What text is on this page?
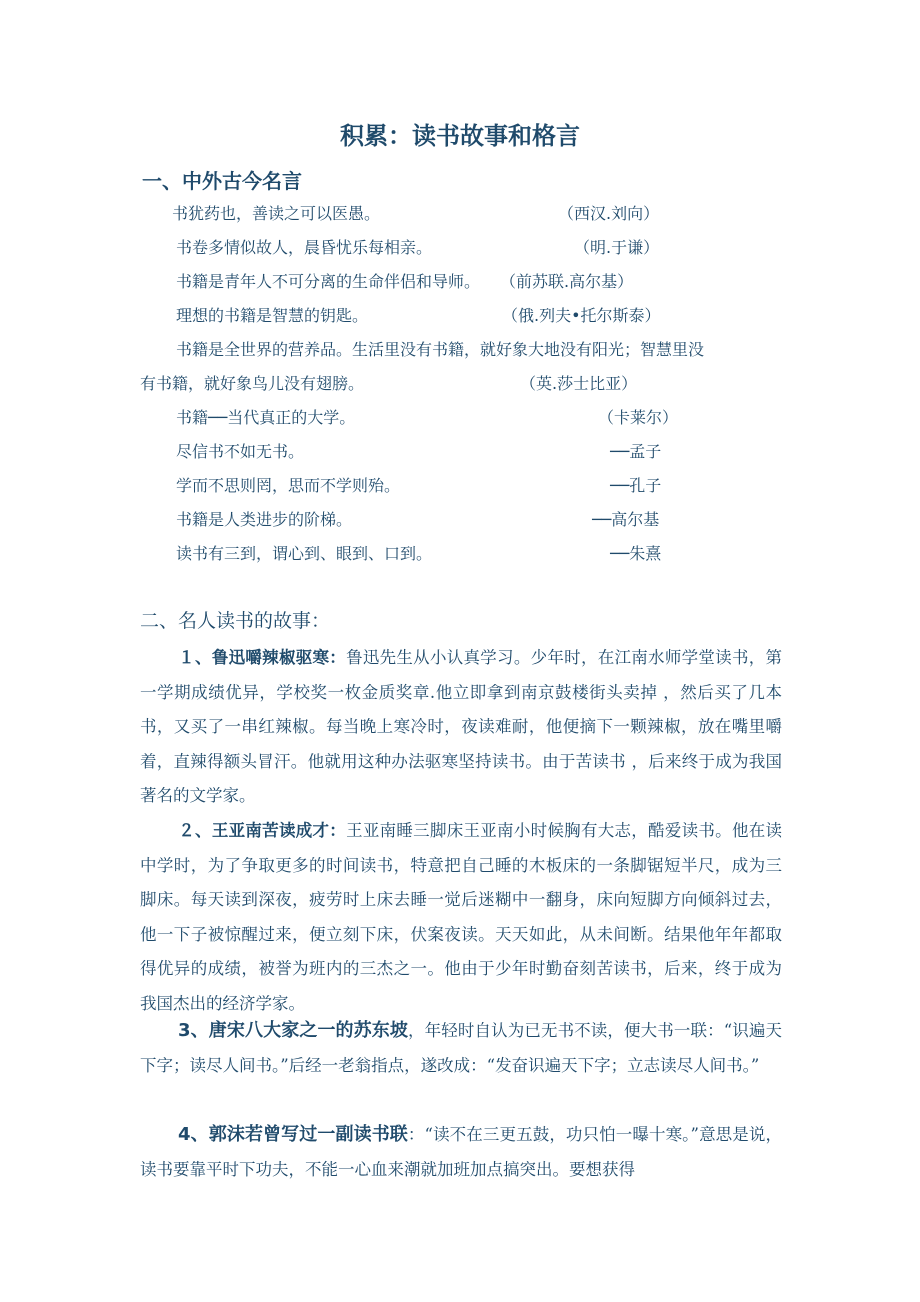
积累：读书故事和格言
一、中外古今名言
书犹药也，善读之可以医愚。	（西汉.刘向）
书卷多情似故人，晨昏忧乐每相亲。	（明.于谦）
书籍是青年人不可分离的生命伴侣和导师。 （前苏联.高尔基）
理想的书籍是智慧的钥匙。	（俄.列夫•托尔斯泰）
书籍是全世界的营养品。生活里没有书籍，就好象大地没有阳光；智慧里没
有书籍，就好象鸟儿没有翅膀。	（英.莎士比亚）
书籍──当代真正的大学。	（卡莱尔）
尽信书不如无书。	──孟子
学而不思则罔，思而不学则殆。	──孔子
书籍是人类进步的阶梯。	──高尔基
读书有三到，谓心到、眼到、口到。	──朱熹
二、名人读书的故事：
１、鲁迅嚼辣椒驱寒：鲁迅先生从小认真学习。少年时，在江南水师学堂读书，第一学期成绩优异，学校奖一枚金质奖章.他立即拿到南京鼓楼街头卖掉 ，然后买了几本书，又买了一串红辣椒。每当晚上寒冷时，夜读难耐，他便摘下一颗辣椒，放在嘴里嚼着，直辣得额头冒汗。他就用这种办法驱寒坚持读书。由于苦读书 ，后来终于成为我国著名的文学家。
２、王亚南苦读成才：王亚南睡三脚床王亚南小时候胸有大志，酷爱读书。他在读中学时，为了争取更多的时间读书，特意把自己睡的木板床的一条脚锯短半尺，成为三脚床。每天读到深夜，疲劳时上床去睡一觉后迷糊中一翻身，床向短脚方向倾斜过去，他一下子被惊醒过来，便立刻下床，伏案夜读。天天如此，从未间断。结果他年年都取得优异的成绩，被誉为班内的三杰之一。他由于少年时勤奋刻苦读书，后来，终于成为我国杰出的经济学家。
3、唐宋八大家之一的苏东坡，年轻时自认为已无书不读，便大书一联：“识遍天下字；读尽人间书。”后经一老翁指点，遂改成：“发奋识遍天下字；立志读尽人间书。”
4、郭沫若曾写过一副读书联：“读不在三更五鼓，功只怕一曝十寒。”意思是说，读书要靠平时下功夫，不能一心血来潮就加班加点搞突出。要想获得
